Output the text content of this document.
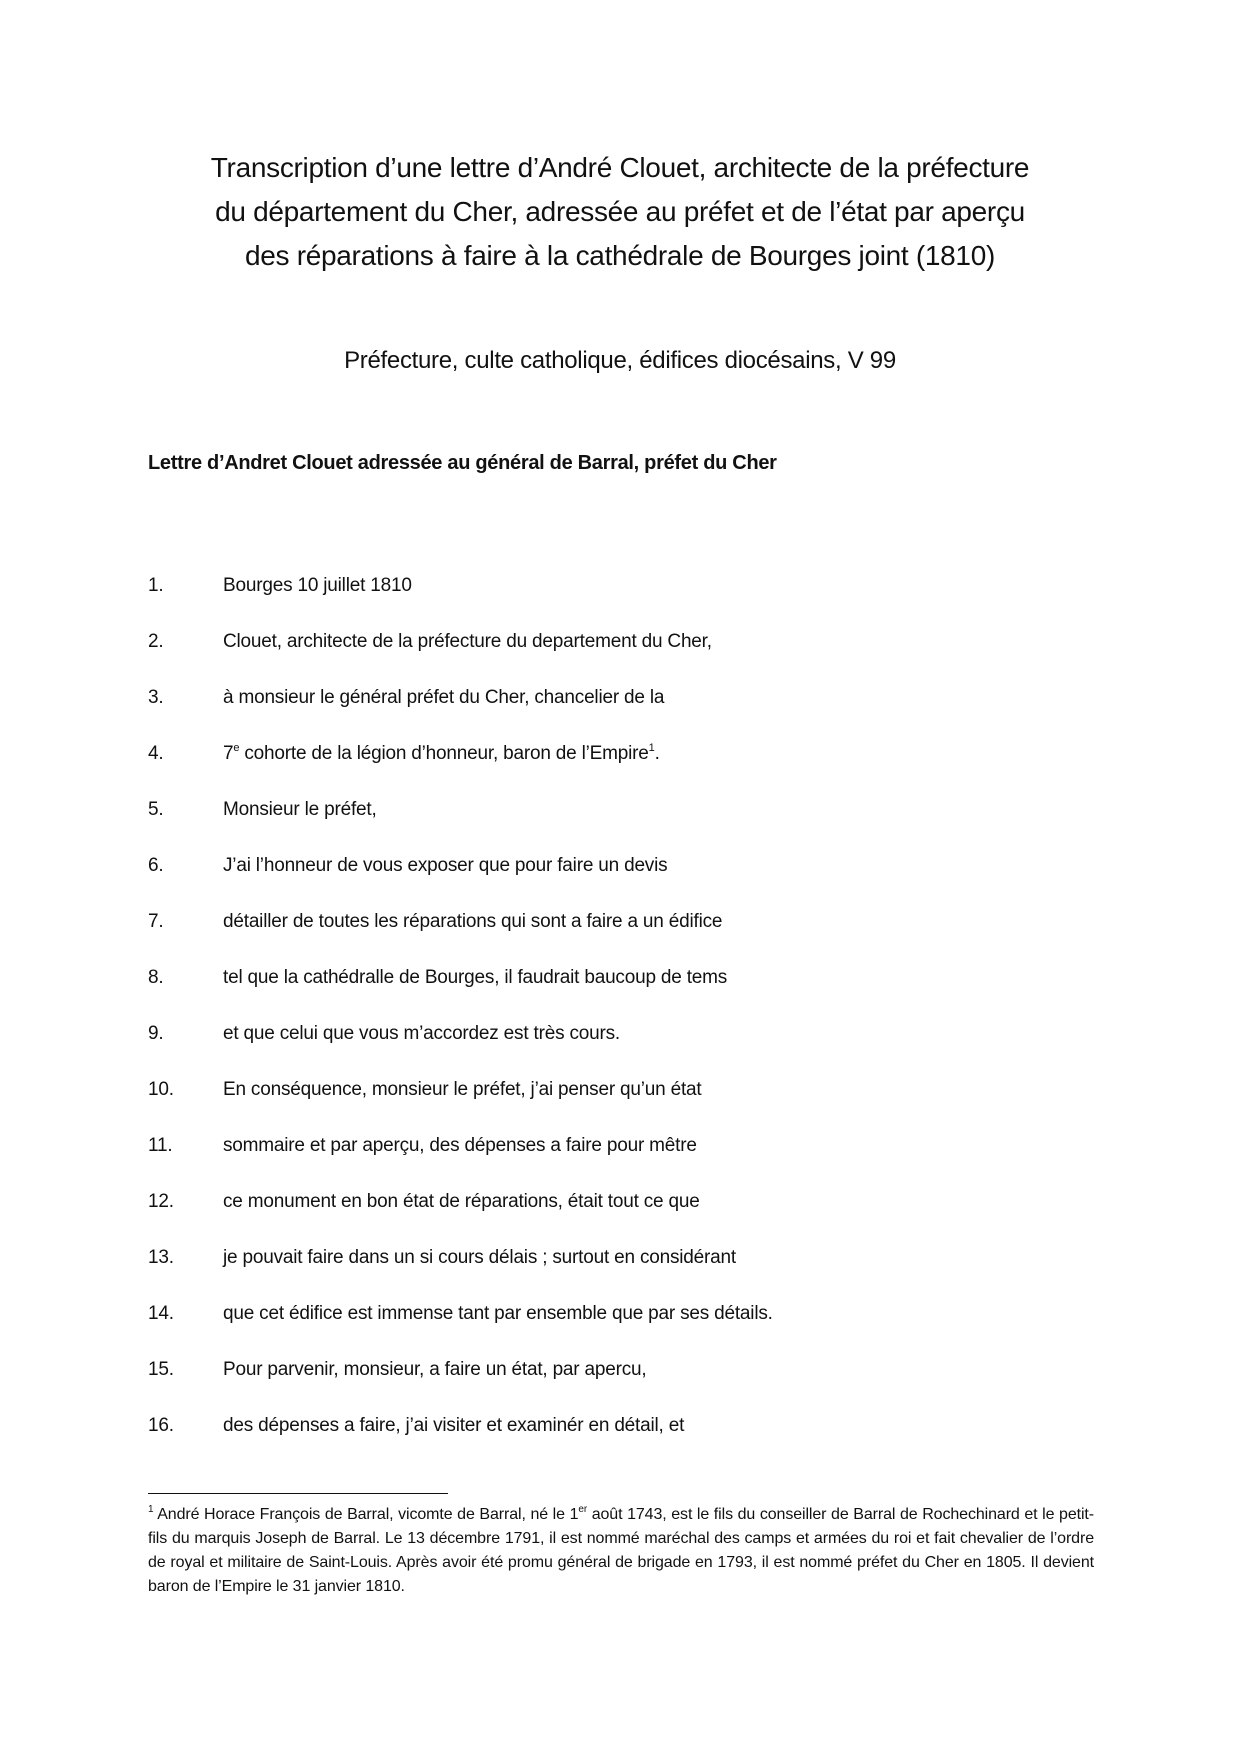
Transcription d’une lettre d’André Clouet, architecte de la préfecture
du département du Cher, adressée au préfet et de l’état par aperçu
des réparations à faire à la cathédrale de Bourges joint (1810)
Préfecture, culte catholique, édifices diocésains, V 99
Lettre d’Andret Clouet adressée au général de Barral, préfet du Cher
1.	Bourges 10 juillet 1810
2.	Clouet, architecte de la préfecture du departement du Cher,
3.	à monsieur le général préfet du Cher, chancelier de la
4.	7e cohorte de la légion d’honneur, baron de l’Empire$^1$.
5.	Monsieur le préfet,
6.	J’ai l’honneur de vous exposer que pour faire un devis
7.	détailler de toutes les réparations qui sont a faire a un édifice
8.	tel que la cathédralle de Bourges, il faudrait baucoup de tems
9.	et que celui que vous m’accordez est très cours.
10.	En conséquence, monsieur le préfet, j’ai penser qu’un état
11.	sommaire et par aperçu, des dépenses a faire pour mêtre
12.	ce monument en bon état de réparations, était tout ce que
13.	je pouvait faire dans un si cours délais ; surtout en considérant
14.	que cet édifice est immense tant par ensemble que par ses détails.
15.	Pour parvenir, monsieur, a faire un état, par apercu,
16.	des dépenses a faire, j’ai visiter et examinér en détail, et

$^1$ André Horace François de Barral, vicomte de Barral, né le 1er août 1743, est le fils du conseiller de Barral de Rochechinard et le petit-fils du marquis Joseph de Barral. Le 13 décembre 1791, il est nommé maréchal des camps et armées du roi et fait chevalier de l’ordre de royal et militaire de Saint-Louis. Après avoir été promu général de brigade en 1793, il est nommé préfet du Cher en 1805. Il devient baron de l’Empire le 31 janvier 1810.
